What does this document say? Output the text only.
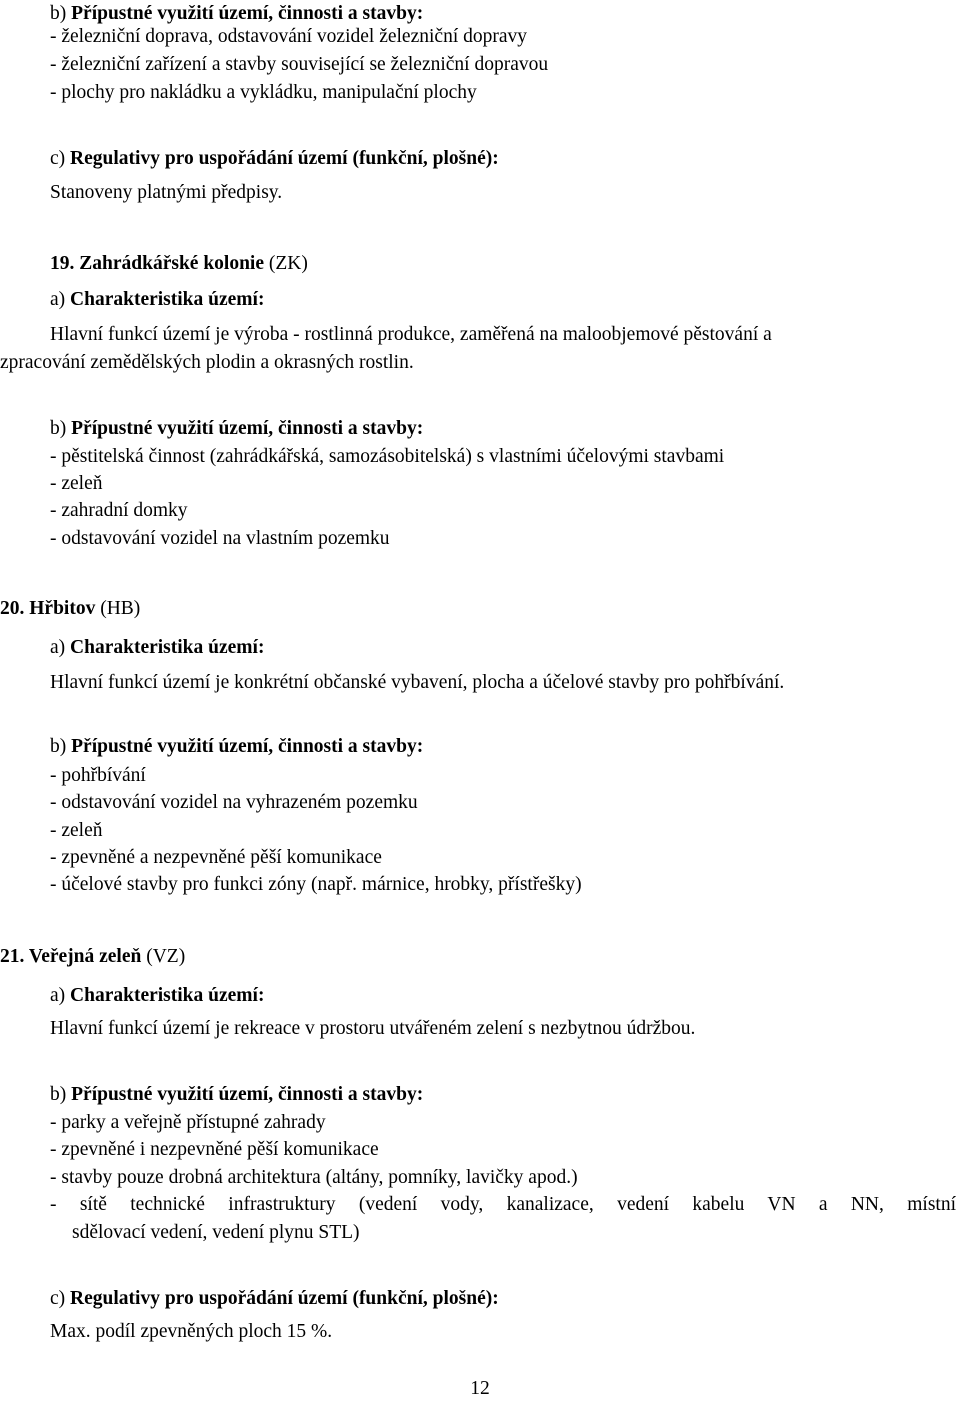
b) Přípustné využití území, činnosti a stavby:
- železniční doprava, odstavování vozidel železniční dopravy
- železniční zařízení a stavby související se železniční dopravou
- plochy pro nakládku a vykládku, manipulační plochy
c) Regulativy pro uspořádání území (funkční, plošné):
Stanoveny platnými předpisy.
19. Zahrádkářské kolonie (ZK)
a) Charakteristika území:
Hlavní funkcí území je výroba - rostlinná produkce, zaměřená na maloobjemové pěstování a
zpracování zemědělských plodin a okrasných rostlin.
b) Přípustné využití území, činnosti a stavby:
- pěstitelská činnost (zahrádkářská, samozásobitelská) s vlastními účelovými stavbami
- zeleň
- zahradní domky
- odstavování vozidel na vlastním pozemku
20. Hřbitov (HB)
a) Charakteristika území:
Hlavní funkcí území je konkrétní občanské vybavení, plocha a účelové stavby pro pohřbívání.
b) Přípustné využití území, činnosti a stavby:
- pohřbívání
- odstavování vozidel na vyhrazeném pozemku
- zeleň
- zpevněné a nezpevněné pěší komunikace
- účelové stavby pro funkci zóny (např. márnice, hrobky, přístřešky)
21. Veřejná zeleň (VZ)
a) Charakteristika území:
Hlavní funkcí území je rekreace v prostoru utvářeném zelení s nezbytnou údržbou.
b) Přípustné využití území, činnosti a stavby:
- parky a veřejně přístupné zahrady
- zpevněné i nezpevněné pěší komunikace
- stavby pouze drobná architektura (altány, pomníky, lavičky apod.)
- sítě technické infrastruktury (vedení vody, kanalizace, vedení kabelu VN a NN, místní
sdělovací vedení, vedení plynu STL)
c) Regulativy pro uspořádání území (funkční, plošné):
Max. podíl zpevněných ploch 15 %.
12
